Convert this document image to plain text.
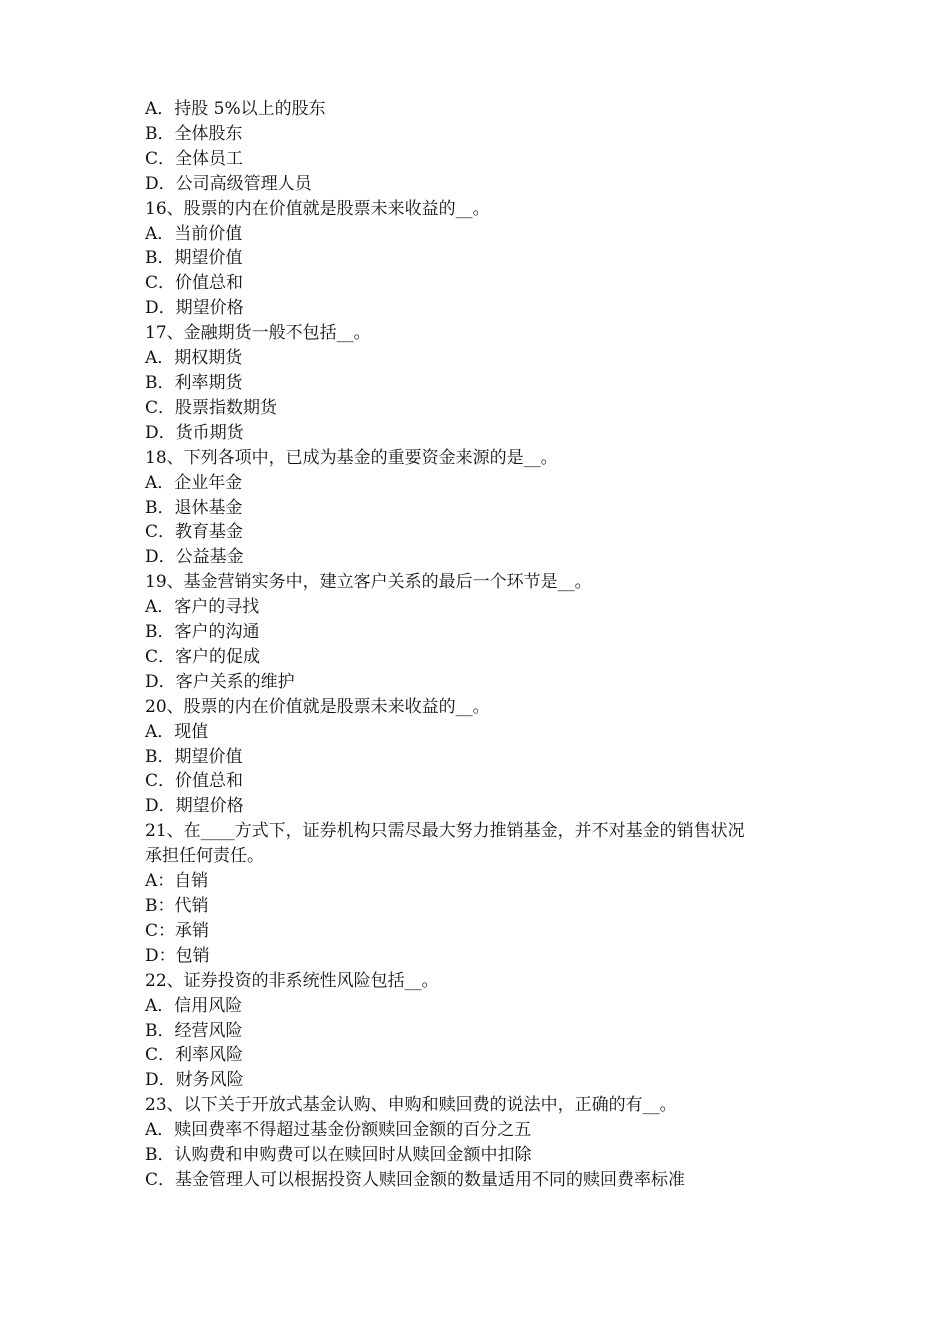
A．持股 5%以上的股东
B．全体股东
C．全体员工
D．公司高级管理人员
16、股票的内在价值就是股票未来收益的__。
A．当前价值
B．期望价值
C．价值总和
D．期望价格
17、金融期货一般不包括__。
A．期权期货
B．利率期货
C．股票指数期货
D．货币期货
18、下列各项中，已成为基金的重要资金来源的是__。
A．企业年金
B．退休基金
C．教育基金
D．公益基金
19、基金营销实务中，建立客户关系的最后一个环节是__。
A．客户的寻找
B．客户的沟通
C．客户的促成
D．客户关系的维护
20、股票的内在价值就是股票未来收益的__。
A．现值
B．期望价值
C．价值总和
D．期望价格
21、在____方式下，证券机构只需尽最大努力推销基金，并不对基金的销售状况
承担任何责任。
A：自销
B：代销
C：承销
D：包销
22、证券投资的非系统性风险包括__。
A．信用风险
B．经营风险
C．利率风险
D．财务风险
23、以下关于开放式基金认购、申购和赎回费的说法中，正确的有__。
A．赎回费率不得超过基金份额赎回金额的百分之五
B．认购费和申购费可以在赎回时从赎回金额中扣除
C．基金管理人可以根据投资人赎回金额的数量适用不同的赎回费率标准
